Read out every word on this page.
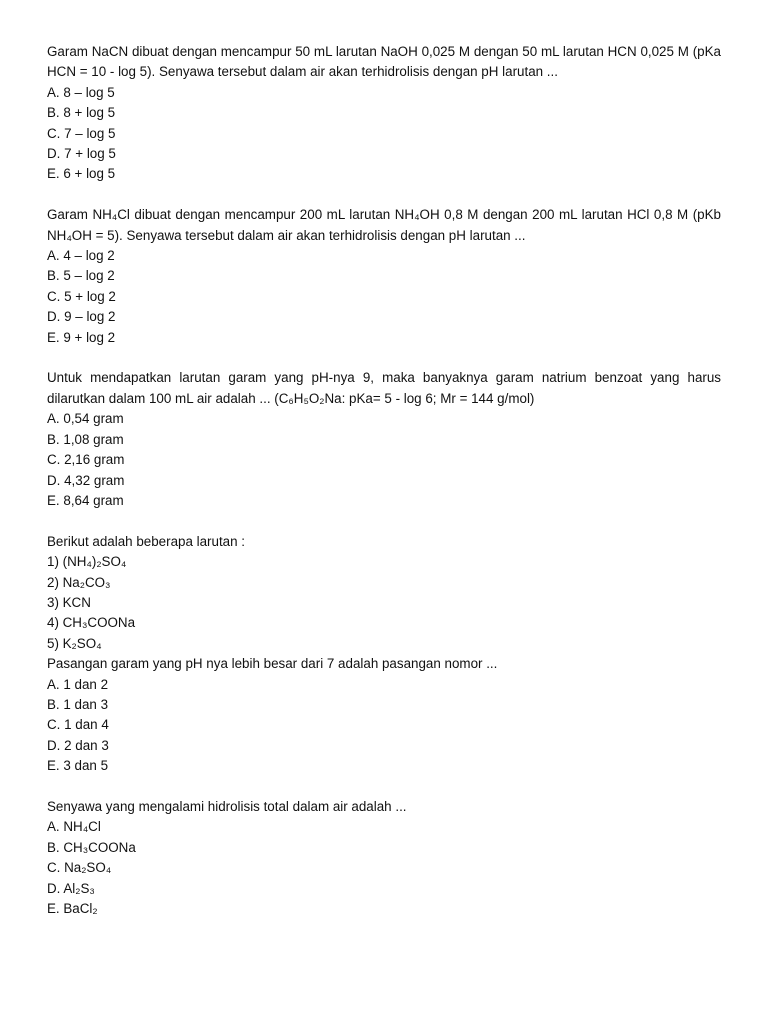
Garam NaCN dibuat dengan mencampur 50 mL larutan NaOH 0,025 M dengan 50 mL larutan HCN 0,025 M (pKa HCN = 10 - log 5). Senyawa tersebut dalam air akan terhidrolisis dengan pH larutan ...

A. 8 – log 5
B. 8 + log 5
C. 7 – log 5
D. 7 + log 5
E. 6 + log 5

Garam NH₄Cl dibuat dengan mencampur 200 mL larutan NH₄OH 0,8 M dengan 200 mL larutan HCl 0,8 M (pKb NH₄OH = 5). Senyawa tersebut dalam air akan terhidrolisis dengan pH larutan ...

A. 4 – log 2
B. 5 – log 2
C. 5 + log 2
D. 9 – log 2
E. 9 + log 2

Untuk mendapatkan larutan garam yang pH-nya 9, maka banyaknya garam natrium benzoat yang harus dilarutkan dalam 100 mL air adalah ... (C₆H₅O₂Na: pKa= 5 - log 6; Mr = 144 g/mol)

A. 0,54 gram
B. 1,08 gram
C. 2,16 gram
D. 4,32 gram
E. 8,64 gram
Berikut adalah beberapa larutan :
1) (NH₄)₂SO₄
2) Na₂CO₃
3) KCN
4) CH₃COONa
5) K₂SO₄

Pasangan garam yang pH nya lebih besar dari 7 adalah pasangan nomor ...

A. 1 dan 2
B. 1 dan 3
C. 1 dan 4
D. 2 dan 3
E. 3 dan 5

Senyawa yang mengalami hidrolisis total dalam air adalah ...

A. NH₄Cl
B. CH₃COONa
C. Na₂SO₄
D. Al₂S₃
E. BaCl₂
